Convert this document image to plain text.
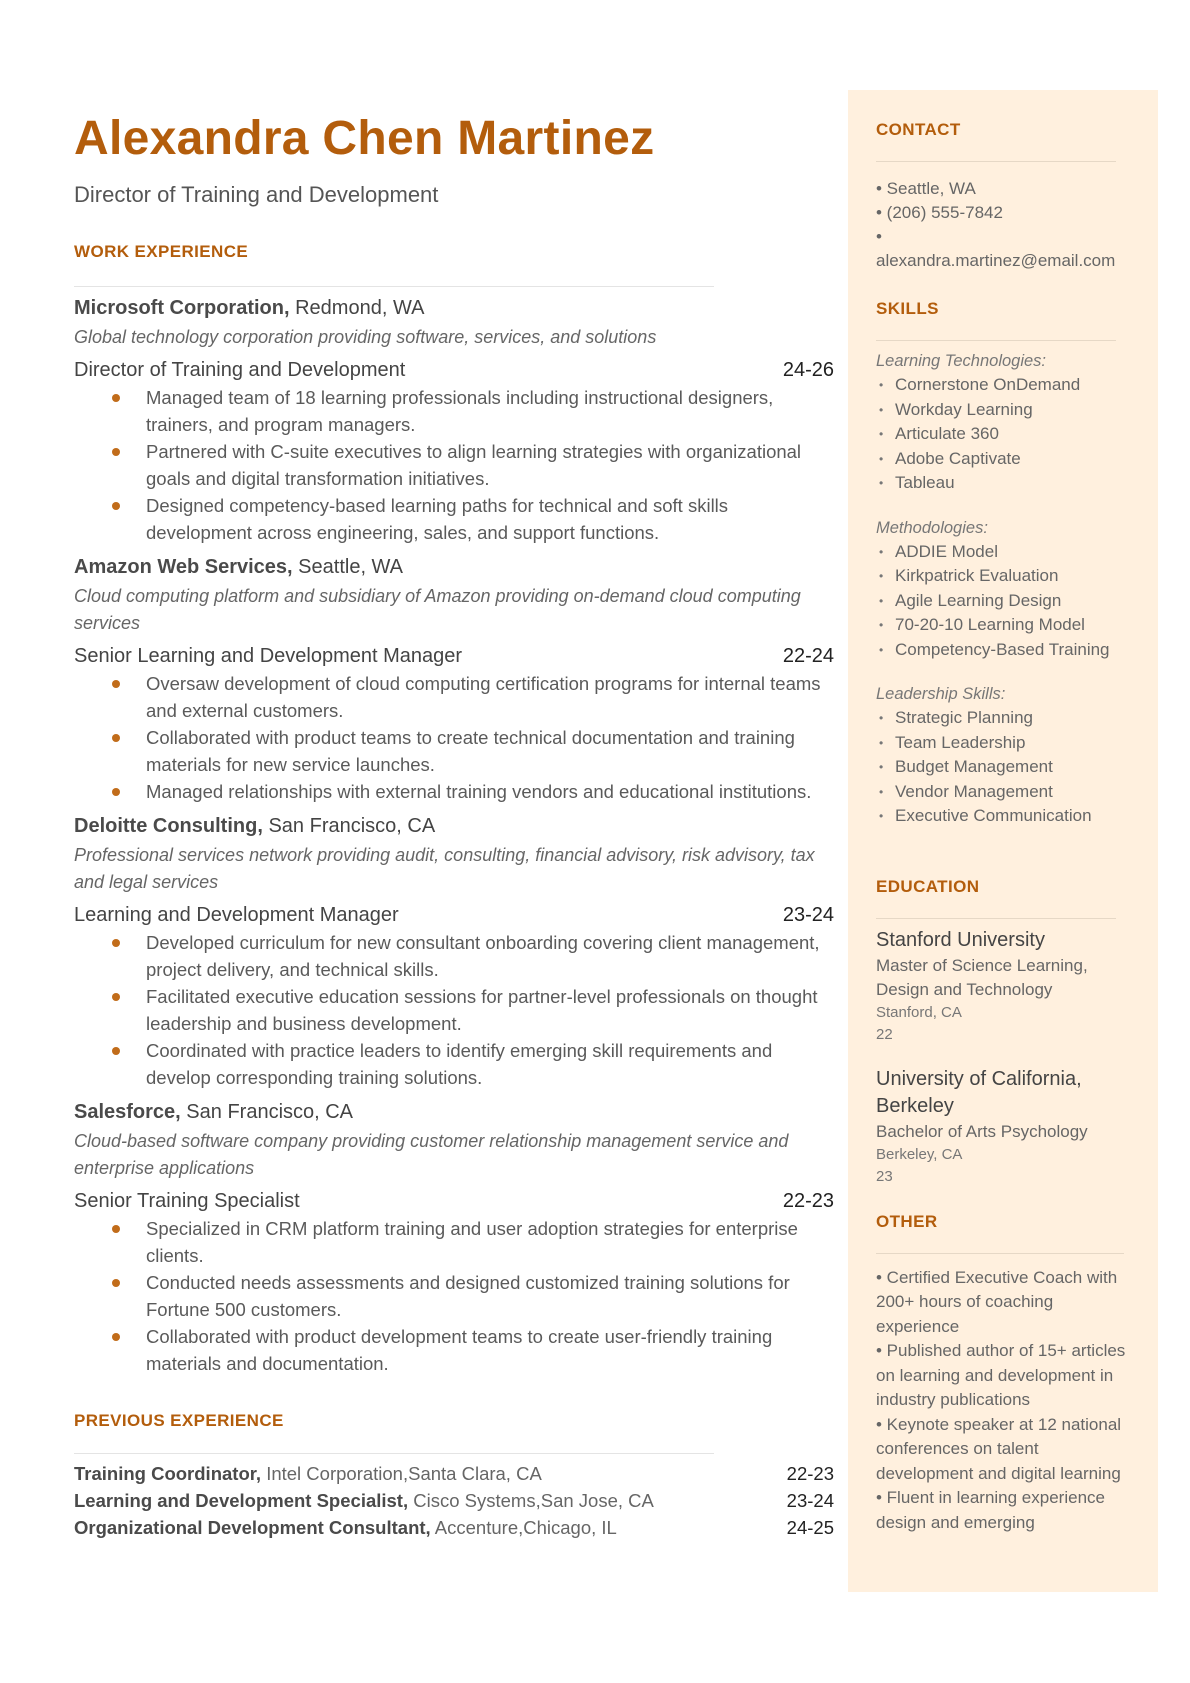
Alexandra Chen Martinez
Director of Training and Development
WORK EXPERIENCE
Microsoft Corporation, Redmond, WA
Global technology corporation providing software, services, and solutions
Director of Training and Development	24-26
Managed team of 18 learning professionals including instructional designers, trainers, and program managers.
Partnered with C-suite executives to align learning strategies with organizational goals and digital transformation initiatives.
Designed competency-based learning paths for technical and soft skills development across engineering, sales, and support functions.
Amazon Web Services, Seattle, WA
Cloud computing platform and subsidiary of Amazon providing on-demand cloud computing services
Senior Learning and Development Manager	22-24
Oversaw development of cloud computing certification programs for internal teams and external customers.
Collaborated with product teams to create technical documentation and training materials for new service launches.
Managed relationships with external training vendors and educational institutions.
Deloitte Consulting, San Francisco, CA
Professional services network providing audit, consulting, financial advisory, risk advisory, tax and legal services
Learning and Development Manager	23-24
Developed curriculum for new consultant onboarding covering client management, project delivery, and technical skills.
Facilitated executive education sessions for partner-level professionals on thought leadership and business development.
Coordinated with practice leaders to identify emerging skill requirements and develop corresponding training solutions.
Salesforce, San Francisco, CA
Cloud-based software company providing customer relationship management service and enterprise applications
Senior Training Specialist	22-23
Specialized in CRM platform training and user adoption strategies for enterprise clients.
Conducted needs assessments and designed customized training solutions for Fortune 500 customers.
Collaborated with product development teams to create user-friendly training materials and documentation.
PREVIOUS EXPERIENCE
Training Coordinator, Intel Corporation,Santa Clara, CA	22-23
Learning and Development Specialist, Cisco Systems,San Jose, CA	23-24
Organizational Development Consultant, Accenture,Chicago, IL	24-25
CONTACT
• Seattle, WA
• (206) 555-7842
•
alexandra.martinez@email.com
SKILLS
Learning Technologies:
• Cornerstone OnDemand
• Workday Learning
• Articulate 360
• Adobe Captivate
• Tableau
Methodologies:
• ADDIE Model
• Kirkpatrick Evaluation
• Agile Learning Design
• 70-20-10 Learning Model
• Competency-Based Training
Leadership Skills:
• Strategic Planning
• Team Leadership
• Budget Management
• Vendor Management
• Executive Communication
EDUCATION
Stanford University
Master of Science Learning, Design and Technology
Stanford, CA
22
University of California, Berkeley
Bachelor of Arts Psychology
Berkeley, CA
23
OTHER
• Certified Executive Coach with 200+ hours of coaching experience
• Published author of 15+ articles on learning and development in industry publications
• Keynote speaker at 12 national conferences on talent development and digital learning
• Fluent in learning experience design and emerging
